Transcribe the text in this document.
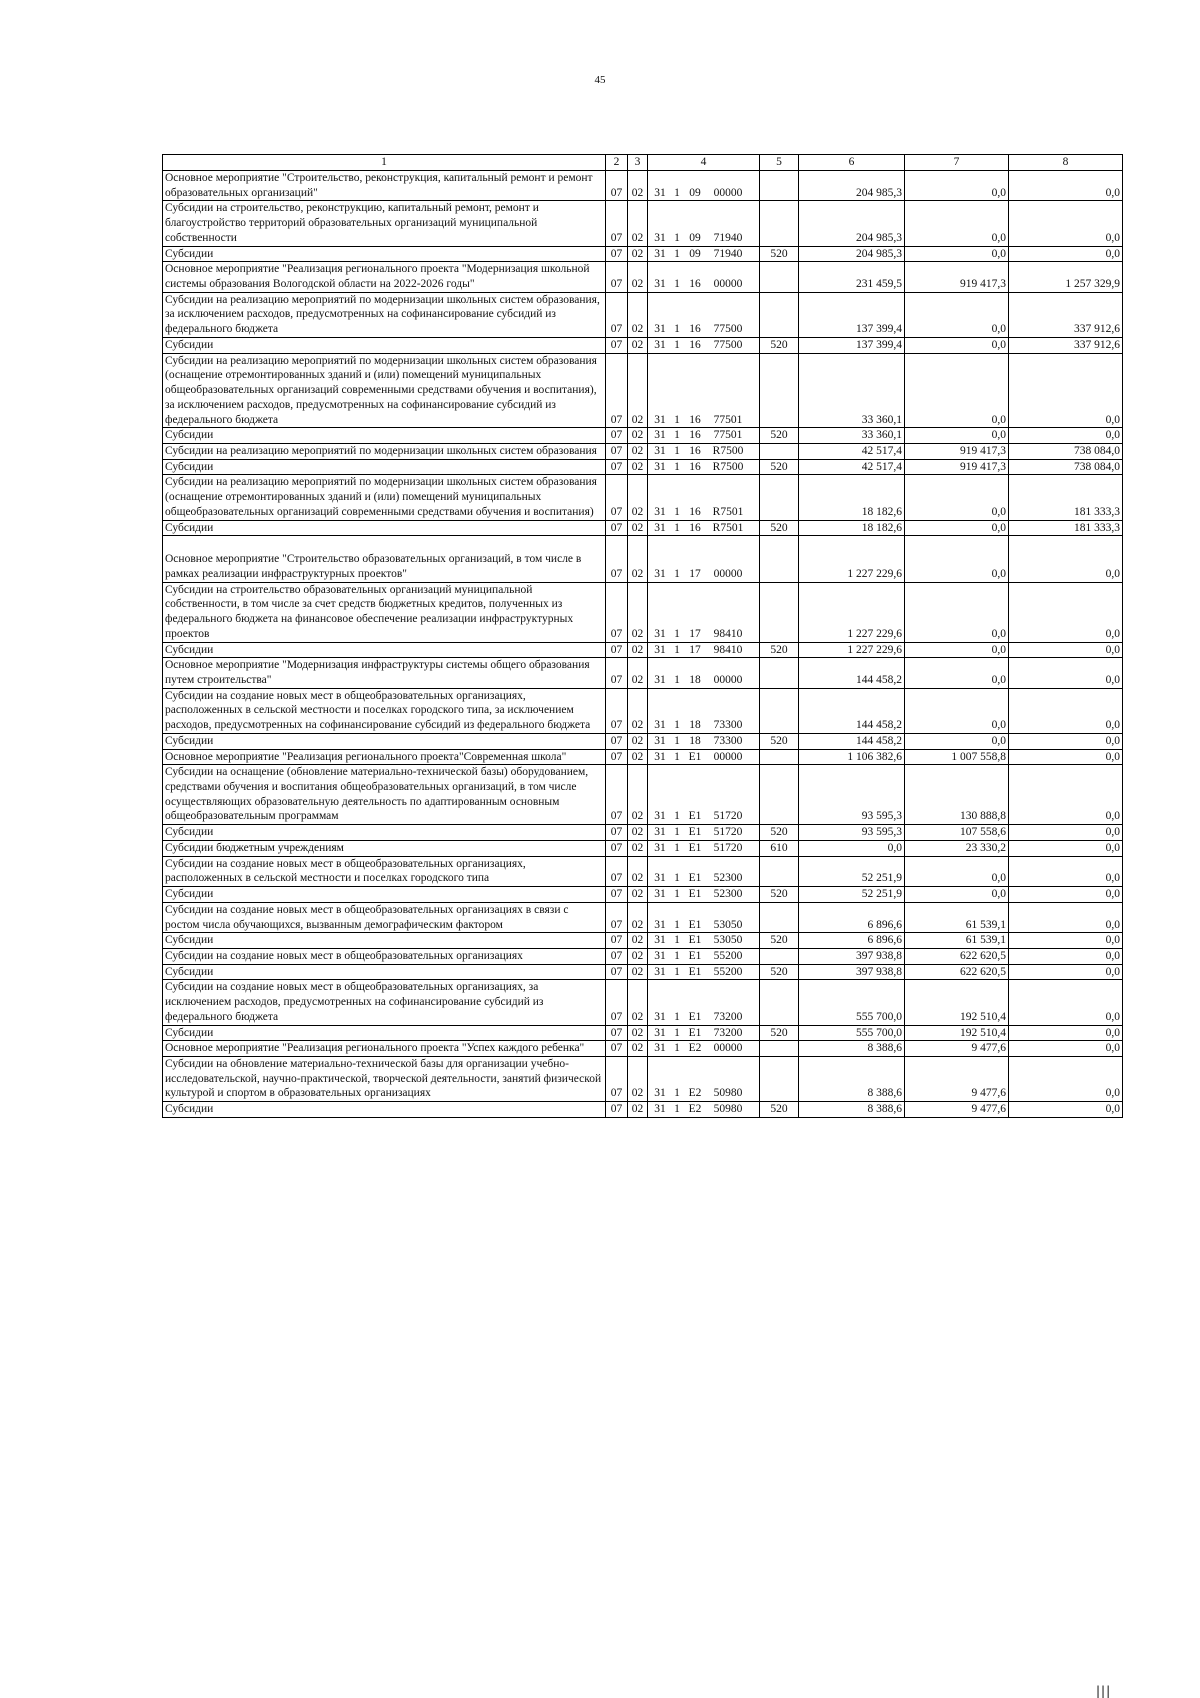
45
1	2	3	4	5	6	7	8
Основное мероприятие "Строительство, реконструкция, капитальный ремонт и ремонт образовательных организаций"	07	02	31 1 09 00000		204 985,3	0,0	0,0
Субсидии на строительство, реконструкцию, капитальный ремонт, ремонт и благоустройство территорий образовательных организаций муниципальной собственности	07	02	31 1 09 71940		204 985,3	0,0	0,0
Субсидии	07	02	31 1 09 71940	520	204 985,3	0,0	0,0
Основное мероприятие "Реализация регионального проекта "Модернизация школьной системы образования Вологодской области на 2022-2026 годы"	07	02	31 1 16 00000		231 459,5	919 417,3	1 257 329,9
Субсидии на реализацию мероприятий по модернизации школьных систем образования, за исключением расходов, предусмотренных на софинансирование субсидий из федерального бюджета	07	02	31 1 16 77500		137 399,4	0,0	337 912,6
Субсидии	07	02	31 1 16 77500	520	137 399,4	0,0	337 912,6
Субсидии на реализацию мероприятий по модернизации школьных систем образования (оснащение отремонтированных зданий и (или) помещений муниципальных общеобразовательных организаций современными средствами обучения и воспитания), за исключением расходов, предусмотренных на софинансирование субсидий из федерального бюджета	07	02	31 1 16 77501		33 360,1	0,0	0,0
Субсидии	07	02	31 1 16 77501	520	33 360,1	0,0	0,0
Субсидии на реализацию мероприятий по модернизации школьных систем образования	07	02	31 1 16 R7500		42 517,4	919 417,3	738 084,0
Субсидии	07	02	31 1 16 R7500	520	42 517,4	919 417,3	738 084,0
Субсидии на реализацию мероприятий по модернизации школьных систем образования (оснащение отремонтированных зданий и (или) помещений муниципальных общеобразовательных организаций современными средствами обучения и воспитания)	07	02	31 1 16 R7501		18 182,6	0,0	181 333,3
Субсидии	07	02	31 1 16 R7501	520	18 182,6	0,0	181 333,3
Основное мероприятие "Строительство образовательных организаций, в том числе в рамках реализации инфраструктурных проектов"	07	02	31 1 17 00000		1 227 229,6	0,0	0,0
Субсидии на строительство образовательных организаций муниципальной собственности, в том числе за счет средств бюджетных кредитов, полученных из федерального бюджета на финансовое обеспечение реализации инфраструктурных проектов	07	02	31 1 17 98410		1 227 229,6	0,0	0,0
Субсидии	07	02	31 1 17 98410	520	1 227 229,6	0,0	0,0
Основное мероприятие "Модернизация инфраструктуры системы общего образования путем строительства"	07	02	31 1 18 00000		144 458,2	0,0	0,0
Субсидии на создание новых мест в общеобразовательных организациях, расположенных в сельской местности и поселках городского типа, за исключением расходов, предусмотренных на софинансирование субсидий из федерального бюджета	07	02	31 1 18 73300		144 458,2	0,0	0,0
Субсидии	07	02	31 1 18 73300	520	144 458,2	0,0	0,0
Основное мероприятие "Реализация регионального проекта"Современная школа"	07	02	31 1 E1 00000		1 106 382,6	1 007 558,8	0,0
Субсидии на оснащение (обновление материально-технической базы) оборудованием, средствами обучения и воспитания общеобразовательных организаций, в том числе осуществляющих образовательную деятельность по адаптированным основным общеобразовательным программам	07	02	31 1 E1 51720		93 595,3	130 888,8	0,0
Субсидии	07	02	31 1 E1 51720	520	93 595,3	107 558,6	0,0
Субсидии бюджетным учреждениям	07	02	31 1 E1 51720	610	0,0	23 330,2	0,0
Субсидии на создание новых мест в общеобразовательных организациях, расположенных в сельской местности и поселках городского типа	07	02	31 1 E1 52300		52 251,9	0,0	0,0
Субсидии	07	02	31 1 E1 52300	520	52 251,9	0,0	0,0
Субсидии на создание новых мест в общеобразовательных организациях в связи с ростом числа обучающихся, вызванным демографическим фактором	07	02	31 1 E1 53050		6 896,6	61 539,1	0,0
Субсидии	07	02	31 1 E1 53050	520	6 896,6	61 539,1	0,0
Субсидии на создание новых мест в общеобразовательных организациях	07	02	31 1 E1 55200		397 938,8	622 620,5	0,0
Субсидии	07	02	31 1 E1 55200	520	397 938,8	622 620,5	0,0
Субсидии на создание новых мест в общеобразовательных организациях, за исключением расходов, предусмотренных на софинансирование субсидий из федерального бюджета	07	02	31 1 E1 73200		555 700,0	192 510,4	0,0
Субсидии	07	02	31 1 E1 73200	520	555 700,0	192 510,4	0,0
Основное мероприятие "Реализация регионального проекта "Успех каждого ребенка"	07	02	31 1 E2 00000		8 388,6	9 477,6	0,0
Субсидии на обновление материально-технической базы для организации учебно-исследовательской, научно-практической, творческой деятельности, занятий физической культурой и спортом в образовательных организациях	07	02	31 1 E2 50980		8 388,6	9 477,6	0,0
Субсидии	07	02	31 1 E2 50980	520	8 388,6	9 477,6	0,0
|||
